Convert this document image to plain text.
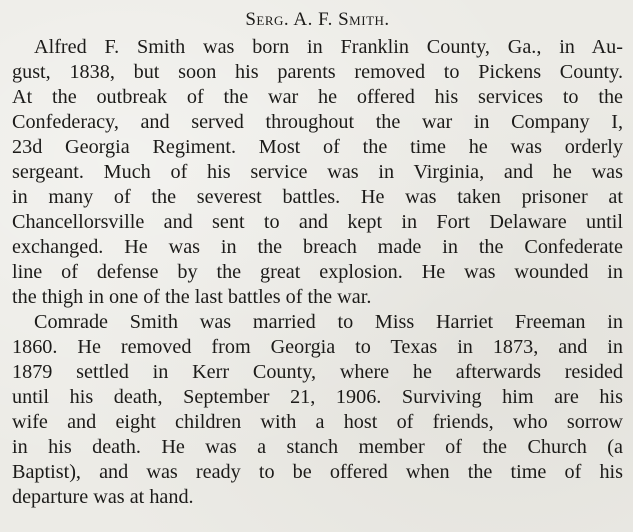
Serg. A. F. Smith.
Alfred F. Smith was born in Franklin County, Ga., in Au-
gust, 1838, but soon his parents removed to Pickens County.
At the outbreak of the war he offered his services to the
Confederacy, and served throughout the war in Company I,
23d Georgia Regiment. Most of the time he was orderly
sergeant. Much of his service was in Virginia, and he was
in many of the severest battles. He was taken prisoner at
Chancellorsville and sent to and kept in Fort Delaware until
exchanged. He was in the breach made in the Confederate
line of defense by the great explosion. He was wounded in
the thigh in one of the last battles of the war.
Comrade Smith was married to Miss Harriet Freeman in
1860. He removed from Georgia to Texas in 1873, and in
1879 settled in Kerr County, where he afterwards resided
until his death, September 21, 1906. Surviving him are his
wife and eight children with a host of friends, who sorrow
in his death. He was a stanch member of the Church (a
Baptist), and was ready to be offered when the time of his
departure was at hand.
